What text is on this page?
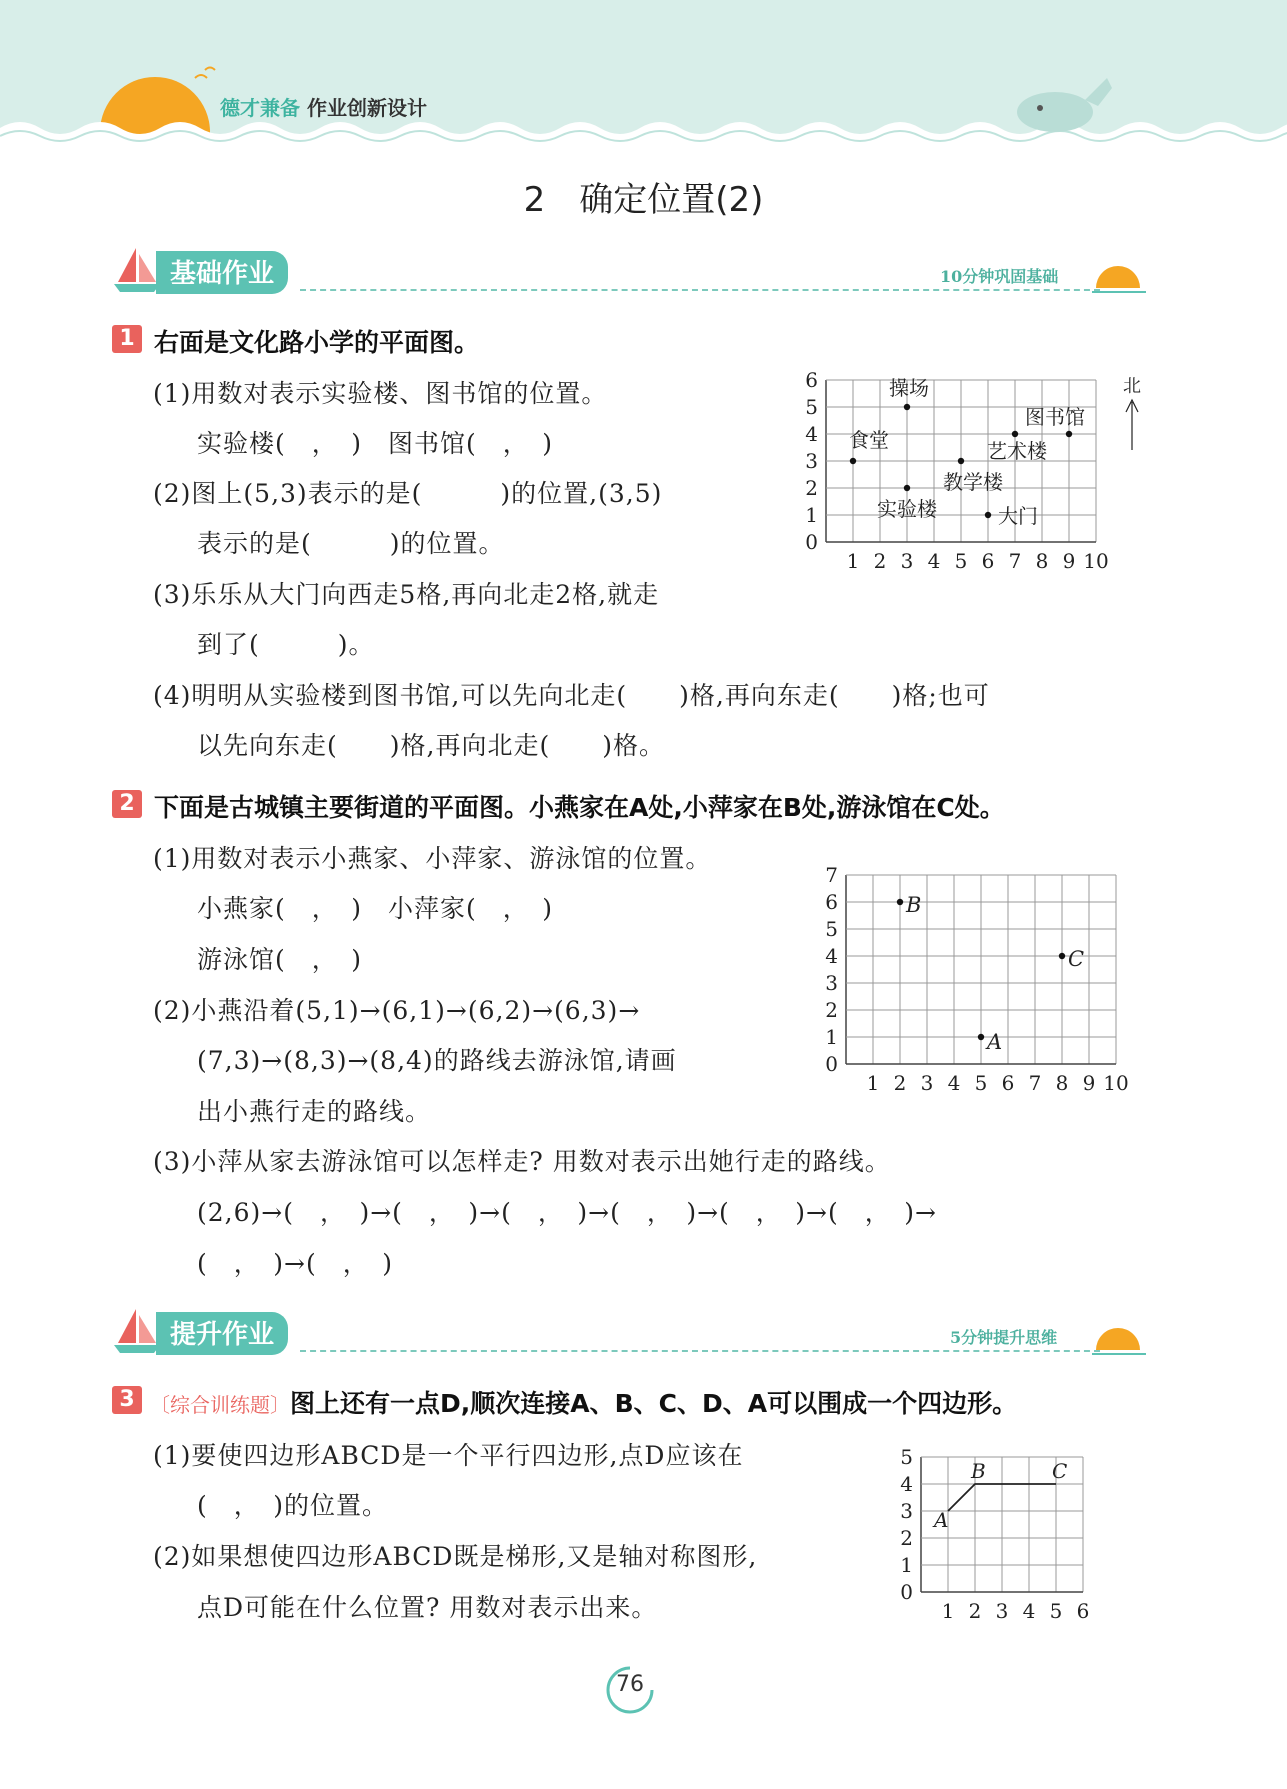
德才兼备 作业创新设计
2　确定位置(2)
基础作业	10分钟巩固基础
1 右面是文化路小学的平面图。
(1)用数对表示实验楼、图书馆的位置。
实验楼(　，　)　图书馆(　，　)
(2)图上(5,3)表示的是(　　　)的位置,(3,5)
表示的是(　　　)的位置。
(3)乐乐从大门向西走5格,再向北走2格,就走
到了(　　　)。
(4)明明从实验楼到图书馆,可以先向北走(　　)格,再向东走(　　)格;也可
以先向东走(　　)格,再向北走(　　)格。
1 2 3 4 5 6 7 8 9 10
0
1
2
3
4
5
6
食堂
操场
实验楼
教学楼
艺术楼
图书馆
大门
北
2 下面是古城镇主要街道的平面图。小燕家在A处,小萍家在B处,游泳馆在C处。
(1)用数对表示小燕家、小萍家、游泳馆的位置。
小燕家(　，　)　小萍家(　，　)
游泳馆(　，　)
(2)小燕沿着(5,1)→(6,1)→(6,2)→(6,3)→
(7,3)→(8,3)→(8,4)的路线去游泳馆,请画
出小燕行走的路线。
(3)小萍从家去游泳馆可以怎样走? 用数对表示出她行走的路线。
(2,6)→(　，　)→(　，　)→(　，　)→(　，　)→(　，　)→(　，　)→
(　，　)→(　，　)
1 2 3 4 5 6 7 8 9 10
0
1
2
3
4
5
6
7
B
C
A
提升作业	5分钟提升思维
3 〔综合训练题〕图上还有一点D,顺次连接A、B、C、D、A可以围成一个四边形。
(1)要使四边形ABCD是一个平行四边形,点D应该在
(　，　)的位置。
(2)如果想使四边形ABCD既是梯形,又是轴对称图形,
点D可能在什么位置? 用数对表示出来。	1 2 3 4 5 6
0
1
2
3
4
5
A
B	C
76
